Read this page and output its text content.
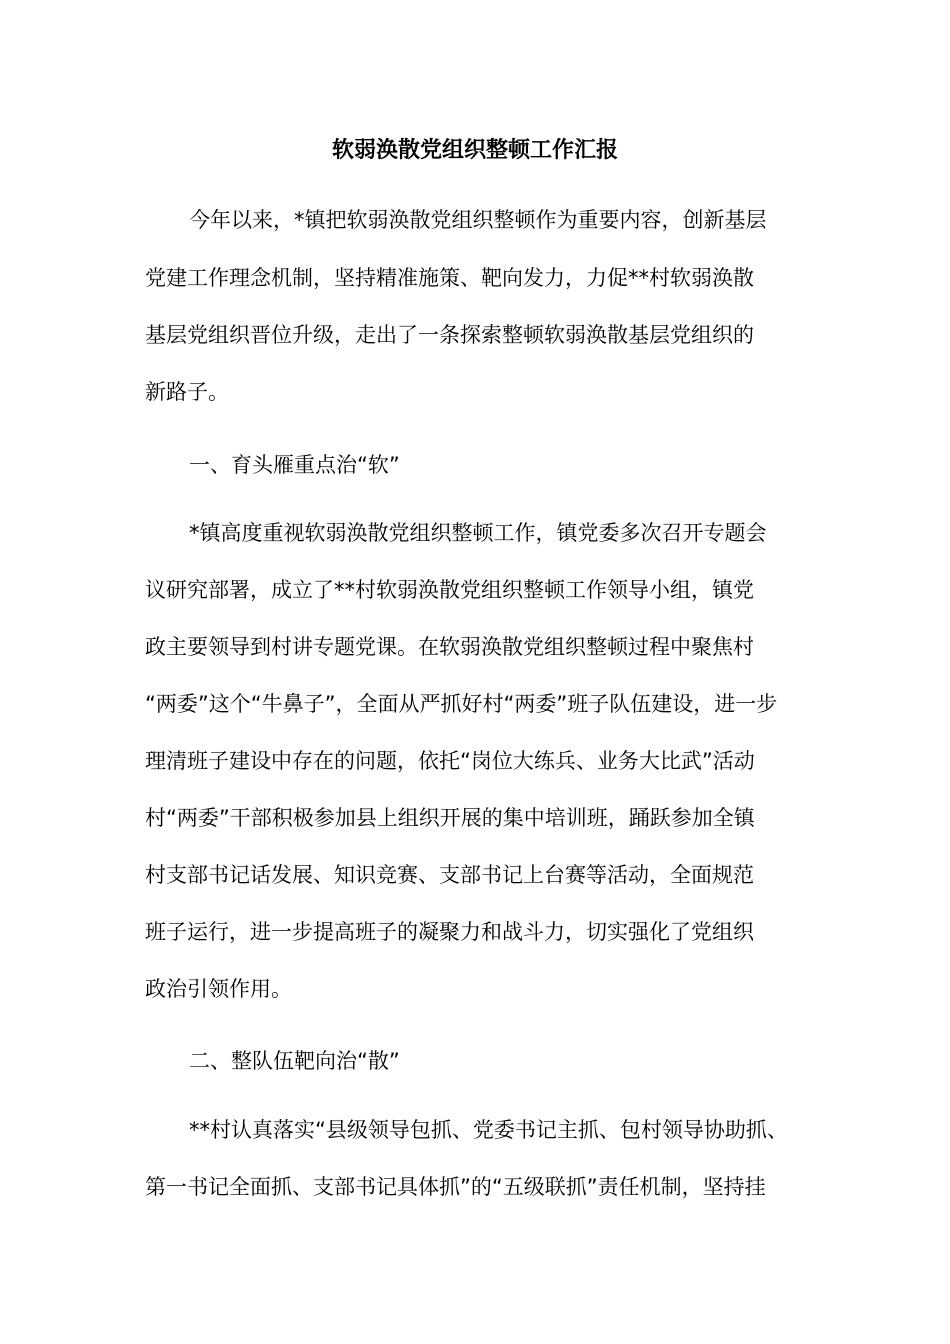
软弱涣散党组织整顿工作汇报

今年以来，*镇把软弱涣散党组织整顿作为重要内容，创新基层

党建工作理念机制，坚持精准施策、靶向发力，力促**村软弱涣散

基层党组织晋位升级，走出了一条探索整顿软弱涣散基层党组织的

新路子。

一、育头雁重点治“软”

*镇高度重视软弱涣散党组织整顿工作，镇党委多次召开专题会

议研究部署，成立了**村软弱涣散党组织整顿工作领导小组，镇党

政主要领导到村讲专题党课。在软弱涣散党组织整顿过程中聚焦村

“两委”这个“牛鼻子”，全面从严抓好村“两委”班子队伍建设，进一步

理清班子建设中存在的问题，依托“岗位大练兵、业务大比武”活动

村“两委”干部积极参加县上组织开展的集中培训班，踊跃参加全镇

村支部书记话发展、知识竞赛、支部书记上台赛等活动，全面规范

班子运行，进一步提高班子的凝聚力和战斗力，切实强化了党组织

政治引领作用。

二、整队伍靶向治“散”

**村认真落实“县级领导包抓、党委书记主抓、包村领导协助抓、

第一书记全面抓、支部书记具体抓”的“五级联抓”责任机制，坚持挂
